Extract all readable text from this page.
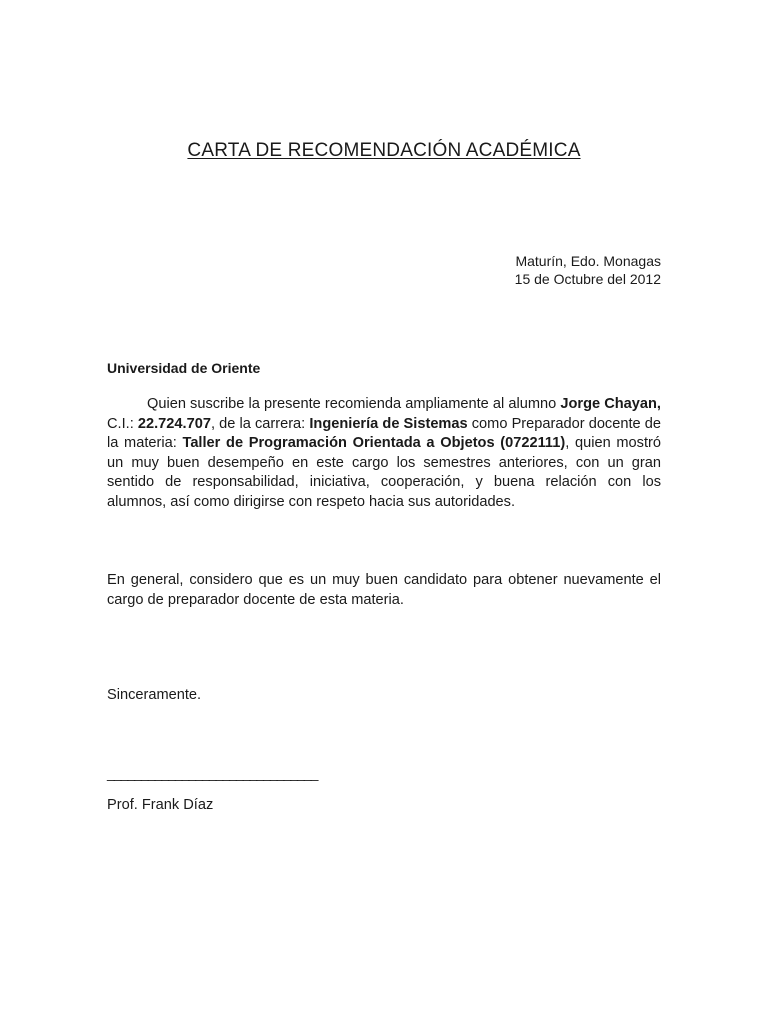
CARTA DE RECOMENDACIÓN ACADÉMICA
Maturín, Edo. Monagas
15 de Octubre del 2012
Universidad de Oriente

Quien suscribe la presente recomienda ampliamente al alumno Jorge Chayan, C.I.: 22.724.707, de la carrera: Ingeniería de Sistemas como Preparador docente de la materia: Taller de Programación Orientada a Objetos (0722111), quien mostró un muy buen desempeño en este cargo los semestres anteriores, con un gran sentido de responsabilidad, iniciativa, cooperación, y buena relación con los alumnos, así como dirigirse con respeto hacia sus autoridades.

En general, considero que es un muy buen candidato para obtener nuevamente el cargo de preparador docente de esta materia.

Sinceramente.
_______________________________
Prof. Frank Díaz
